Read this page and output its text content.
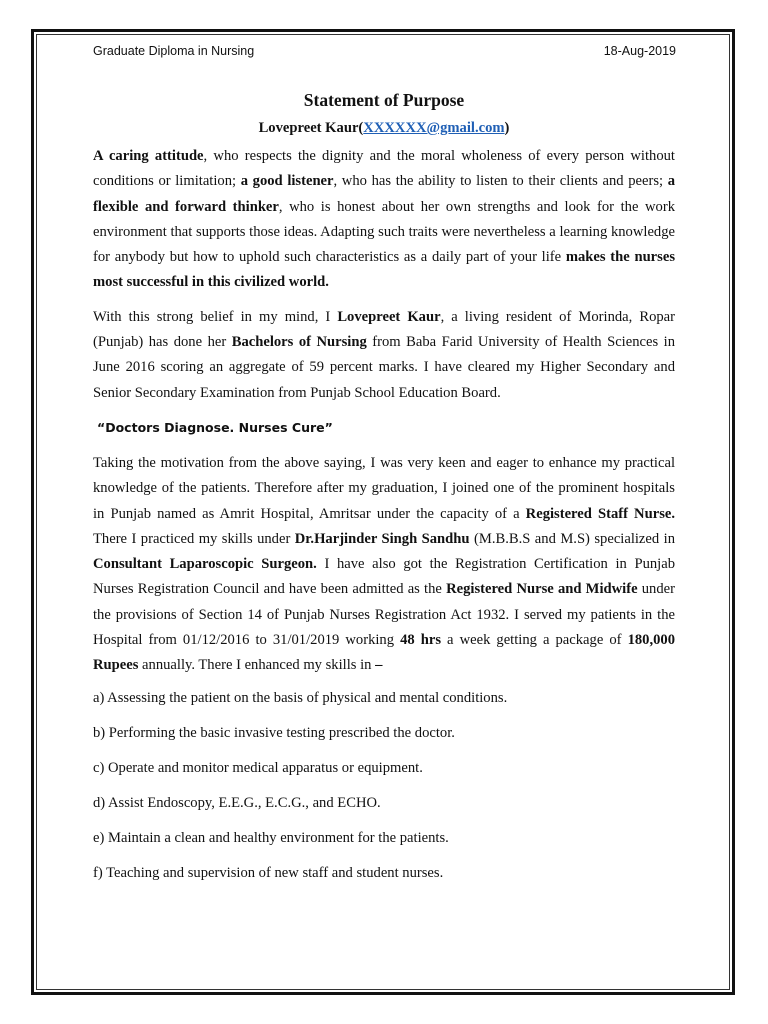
Graduate Diploma in Nursing	18-Aug-2019
Statement of Purpose
Lovepreet Kaur(XXXXXX@gmail.com)

A caring attitude, who respects the dignity and the moral wholeness of every person without conditions or limitation; a good listener, who has the ability to listen to their clients and peers; a flexible and forward thinker, who is honest about her own strengths and look for the work environment that supports those ideas. Adapting such traits were nevertheless a learning knowledge for anybody but how to uphold such characteristics as a daily part of your life makes the nurses most successful in this civilized world.

With this strong belief in my mind, I Lovepreet Kaur, a living resident of Morinda, Ropar (Punjab) has done her Bachelors of Nursing from Baba Farid University of Health Sciences in June 2016 scoring an aggregate of 59 percent marks. I have cleared my Higher Secondary and Senior Secondary Examination from Punjab School Education Board.

“Doctors Diagnose. Nurses Cure”

Taking the motivation from the above saying, I was very keen and eager to enhance my practical knowledge of the patients. Therefore after my graduation, I joined one of the prominent hospitals in Punjab named as Amrit Hospital, Amritsar under the capacity of a Registered Staff Nurse. There I practiced my skills under Dr.Harjinder Singh Sandhu (M.B.B.S and M.S) specialized in Consultant Laparoscopic Surgeon. I have also got the Registration Certification in Punjab Nurses Registration Council and have been admitted as the Registered Nurse and Midwife under the provisions of Section 14 of Punjab Nurses Registration Act 1932. I served my patients in the Hospital from 01/12/2016 to 31/01/2019 working 48 hrs a week getting a package of 180,000 Rupees annually. There I enhanced my skills in –

a) Assessing the patient on the basis of physical and mental conditions.
b) Performing the basic invasive testing prescribed the doctor.
c) Operate and monitor medical apparatus or equipment.
d) Assist Endoscopy, E.E.G., E.C.G., and ECHO.
e) Maintain a clean and healthy environment for the patients.
f) Teaching and supervision of new staff and student nurses.
